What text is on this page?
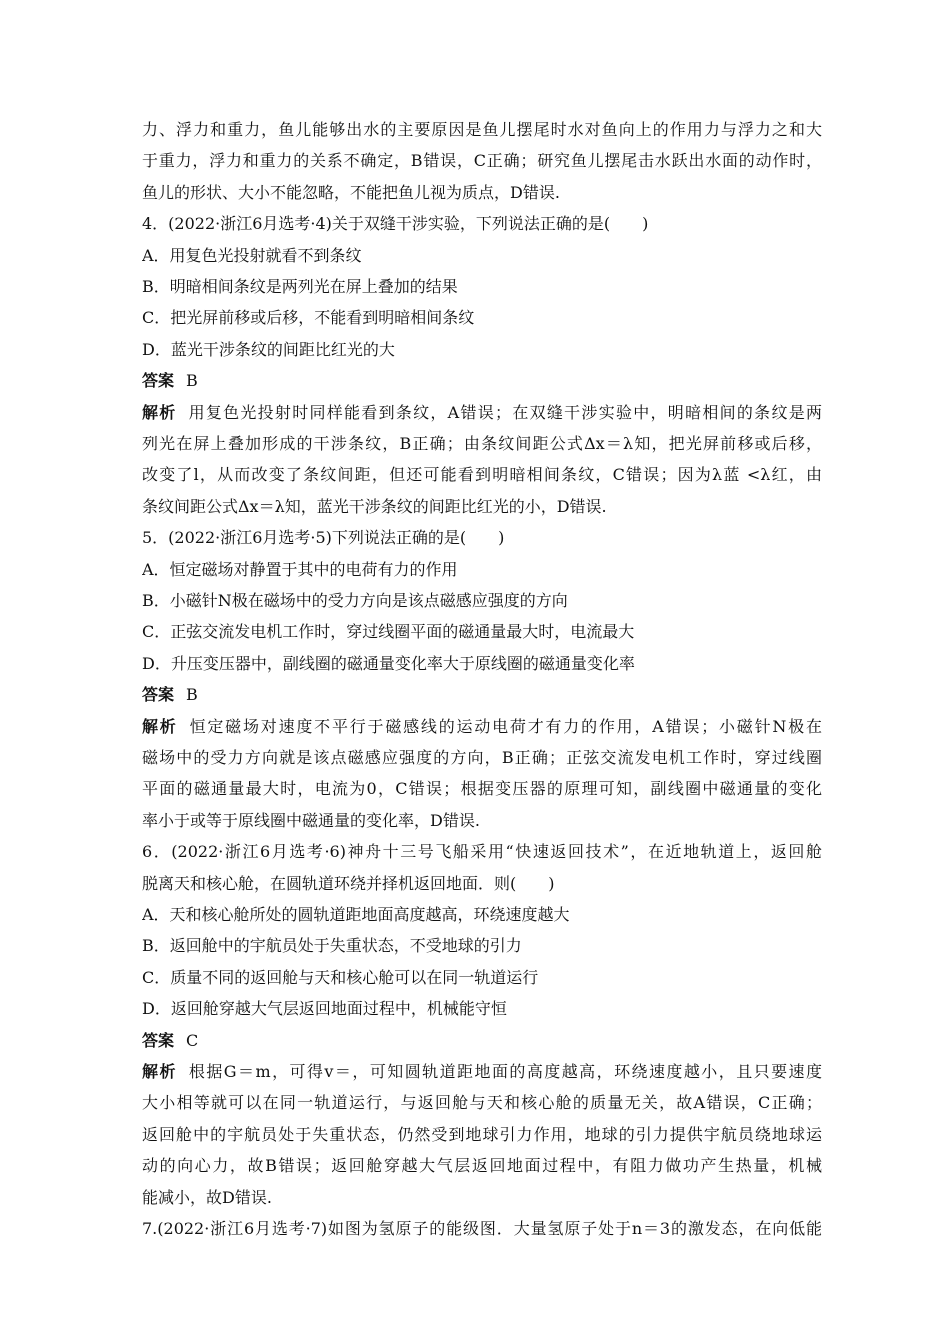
力、浮力和重力，鱼儿能够出水的主要原因是鱼儿摆尾时水对鱼向上的作用力与浮力之和大
于重力，浮力和重力的关系不确定，B错误，C正确；研究鱼儿摆尾击水跃出水面的动作时，
鱼儿的形状、大小不能忽略，不能把鱼儿视为质点，D错误.
4．(2022·浙江6月选考·4)关于双缝干涉实验，下列说法正确的是(　　)
A．用复色光投射就看不到条纹
B．明暗相间条纹是两列光在屏上叠加的结果
C．把光屏前移或后移，不能看到明暗相间条纹
D．蓝光干涉条纹的间距比红光的大
答案 B
解析 用复色光投射时同样能看到条纹，A错误；在双缝干涉实验中，明暗相间的条纹是两
列光在屏上叠加形成的干涉条纹，B正确；由条纹间距公式Δx＝λ知，把光屏前移或后移，
改变了l，从而改变了条纹间距，但还可能看到明暗相间条纹，C错误；因为λ蓝 <λ红，由
条纹间距公式Δx＝λ知，蓝光干涉条纹的间距比红光的小，D错误.
5．(2022·浙江6月选考·5)下列说法正确的是(　　)
A．恒定磁场对静置于其中的电荷有力的作用
B．小磁针N极在磁场中的受力方向是该点磁感应强度的方向
C．正弦交流发电机工作时，穿过线圈平面的磁通量最大时，电流最大
D．升压变压器中，副线圈的磁通量变化率大于原线圈的磁通量变化率
答案 B
解析 恒定磁场对速度不平行于磁感线的运动电荷才有力的作用，A错误；小磁针N极在
磁场中的受力方向就是该点磁感应强度的方向，B正确；正弦交流发电机工作时，穿过线圈
平面的磁通量最大时，电流为0，C错误；根据变压器的原理可知，副线圈中磁通量的变化
率小于或等于原线圈中磁通量的变化率，D错误.
6．(2022·浙江6月选考·6)神舟十三号飞船采用“快速返回技术”，在近地轨道上，返回舱
脱离天和核心舱，在圆轨道环绕并择机返回地面．则(　　)
A．天和核心舱所处的圆轨道距地面高度越高，环绕速度越大
B．返回舱中的宇航员处于失重状态，不受地球的引力
C．质量不同的返回舱与天和核心舱可以在同一轨道运行
D．返回舱穿越大气层返回地面过程中，机械能守恒
答案 C
解析 根据G＝m，可得v＝，可知圆轨道距地面的高度越高，环绕速度越小，且只要速度
大小相等就可以在同一轨道运行，与返回舱与天和核心舱的质量无关，故A错误，C正确；
返回舱中的宇航员处于失重状态，仍然受到地球引力作用，地球的引力提供宇航员绕地球运
动的向心力，故B错误；返回舱穿越大气层返回地面过程中，有阻力做功产生热量，机械
能减小，故D错误.
7.(2022·浙江6月选考·7)如图为氢原子的能级图．大量氢原子处于n＝3的激发态，在向低能
